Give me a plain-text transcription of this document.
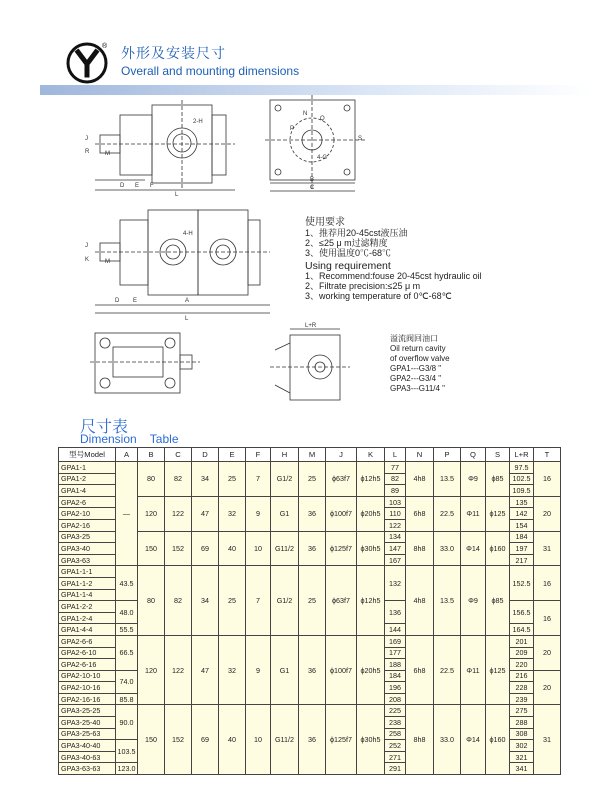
® 外形及安装尺寸
Overall and mounting dimensions
2-H
M
D E F
L
J
R
N
Q
P
S
4-G
B
C
4-H
M
D E	A
L
J
K
L+R
使用要求
1、推荐用20-45cst液压油
2、≤25 μ m过滤精度
3、使用温度0℃-68℃
Using requirement
1、Recommend:fouse 20-45cst hydraulic oil
2、Filtrate precision:≤25 μ m
3、working temperature of 0℃-68℃
溢流阀回油口
Oil return cavity
of overflow valve
GPA1---G3/8 "
GPA2---G3/4 "
GPA3---G11/4 "
尺寸表
Dimension Table
型号Model	A	B	C	D	E	F	H	M	J	K	L	N	P	Q	S	L+R	T
GPA1-1	—	80	82	34	25	7	G1/2	25	ϕ63f7	ϕ12h5	77	4h8	13.5	Φ9	ϕ85	97.5	16
GPA1-2											82					102.5	
GPA1-4											89					109.5	
GPA2-6		120	122	47	32	9	G1	36	ϕ100f7	ϕ20h5	103	6h8	22.5	Φ11	ϕ125	135	20
GPA2-10											110					142	
GPA2-16											122					154	
GPA3-25		150	152	69	40	10	G11/2	36	ϕ125f7	ϕ30h5	134	8h8	33.0	Φ14	ϕ160	184	31
GPA3-40											147					197	
GPA3-63											167					217	
GPA1-1-1	43.5	80	82	34	25	7	G1/2	25	ϕ63f7	ϕ12h5	132	4h8	13.5	Φ9	ϕ85	152.5	16
GPA1-1-2																	
GPA1-1-4																	
GPA1-2-2	48.0										136					156.5	16
GPA1-2-4																	
GPA1-4-4	55.5										144					164.5	
GPA2-6-6	66.5	120	122	47	32	9	G1	36	ϕ100f7	ϕ20h5	169	6h8	22.5	Φ11	ϕ125	201	20
GPA2-6-10											177					209	
GPA2-6-16											188					220	
GPA2-10-10	74.0										184					216	20
GPA2-10-16											196					228	
GPA2-16-16	85.8										208					239	
GPA3-25-25	90.0	150	152	69	40	10	G11/2	36	ϕ125f7	ϕ30h5	225	8h8	33.0	Φ14	ϕ160	275	31
GPA3-25-40											238					288	
GPA3-25-63											258					308	
GPA3-40-40	103.5										252					302	
GPA3-40-63											271					321	
GPA3-63-63	123.0										291					341	
